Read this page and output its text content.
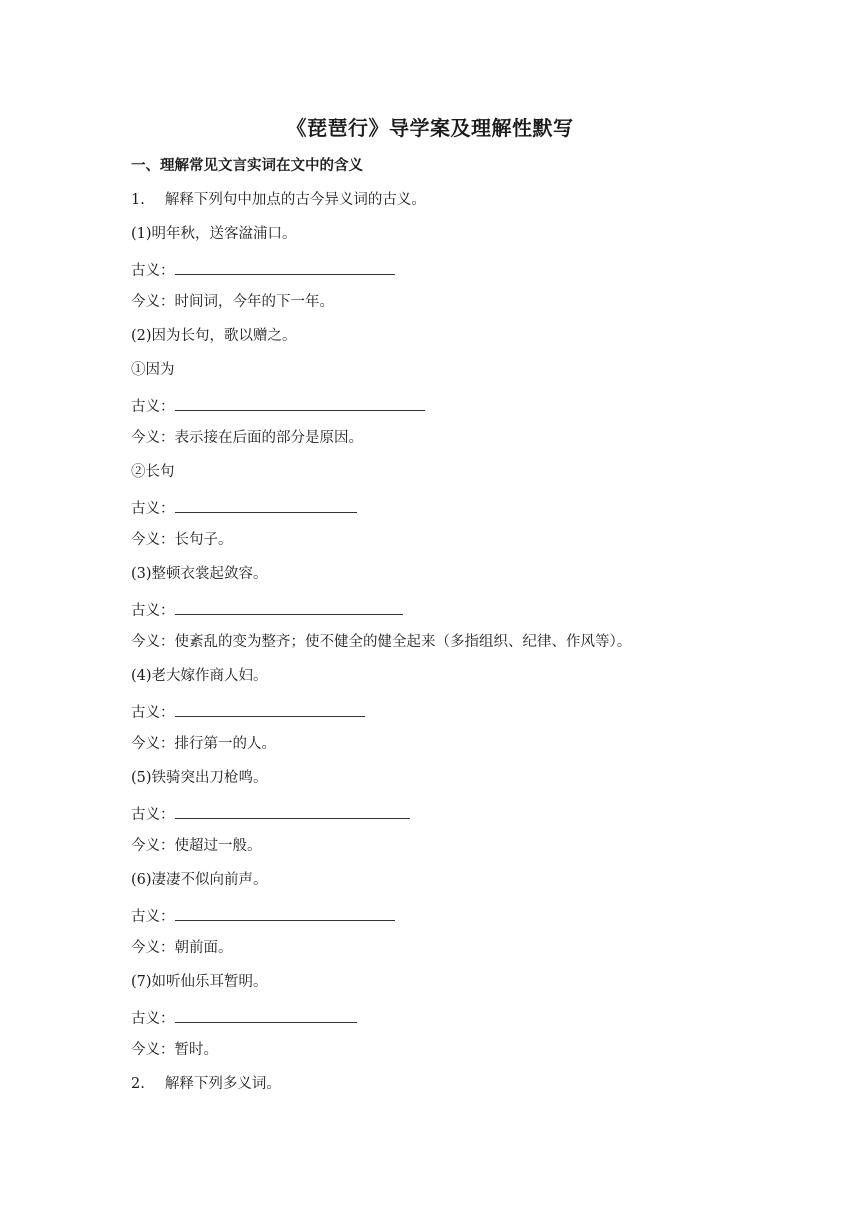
《琵琶行》导学案及理解性默写
一、理解常见文言实词在文中的含义
1. 解释下列句中加点的古今异义词的古义。
(1)明年秋，送客湓浦口。
古义：
今义：时间词，今年的下一年。
(2)因为长句，歌以赠之。
①因为
古义：
今义：表示接在后面的部分是原因。
②长句
古义：
今义：长句子。
(3)整顿衣裳起敛容。
古义：
今义：使紊乱的变为整齐；使不健全的健全起来（多指组织、纪律、作风等）。
(4)老大嫁作商人妇。
古义：
今义：排行第一的人。
(5)铁骑突出刀枪鸣。
古义：
今义：使超过一般。
(6)凄凄不似向前声。
古义：
今义：朝前面。
(7)如听仙乐耳暂明。
古义：
今义：暂时。
2. 解释下列多义词。
